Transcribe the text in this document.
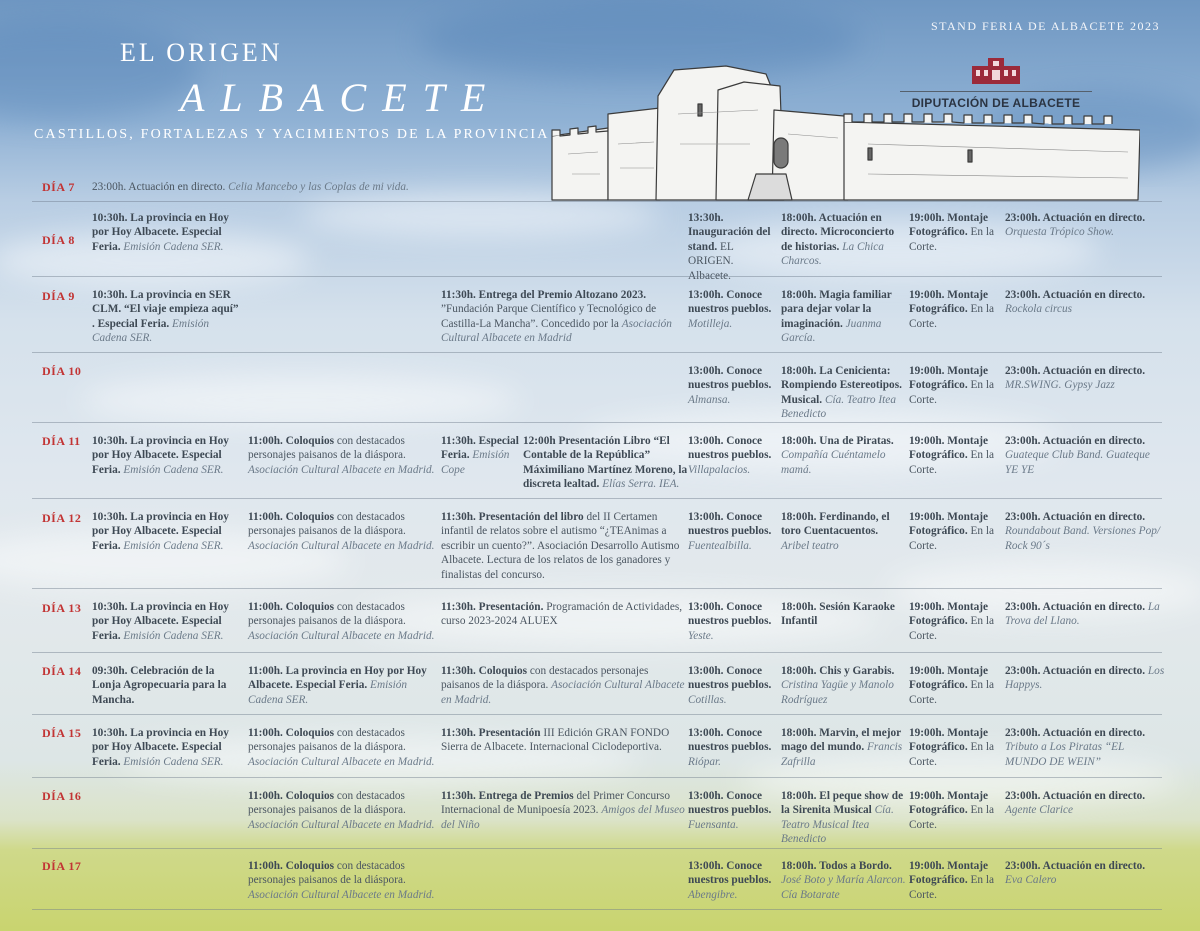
STAND FERIA DE ALBACETE 2023
EL ORIGEN
ALBACETE
CASTILLOS, FORTALEZAS Y YACIMIENTOS DE LA PROVINCIA
DIPUTACIÓN DE ALBACETE
DÍA 7 23:00h. Actuación en directo. Celia Mancebo y las Coplas de mi vida.
DÍA 8
10:30h. La provincia en Hoy por Hoy Albacete. Especial Feria. Emisión Cadena SER.
13:30h. Inauguración del stand. EL ORIGEN. Albacete.
18:00h. Actuación en directo. Microconcierto de historias. La Chica Charcos.
19:00h. Montaje Fotográfico. En la Corte.
23:00h. Actuación en directo. Orquesta Trópico Show.
DÍA 9 10:30h. La provincia en SER CLM. “El viaje empieza aquí” . Especial Feria. Emisión Cadena SER.
11:30h. Entrega del Premio Altozano 2023. ”Fundación Parque Científico y Tecnológico de Castilla-La Mancha”. Concedido por la Asociación Cultural Albacete en Madrid
13:00h. Conoce nuestros pueblos. Motilleja.
18:00h. Magia familiar para dejar volar la imaginación. Juanma García.
19:00h. Montaje Fotográfico. En la Corte.
23:00h. Actuación en directo. Rockola circus
DÍA 10	13:00h. Conoce nuestros pueblos. Almansa.
18:00h. La Cenicienta: Rompiendo Estereotipos. Musical. Cía. Teatro Itea Benedicto
19:00h. Montaje Fotográfico. En la Corte.
23:00h. Actuación en directo. MR.SWING. Gypsy Jazz
DÍA 11 10:30h. La provincia en Hoy por Hoy Albacete. Especial Feria. Emisión Cadena SER.
11:00h. Coloquios con destacados personajes paisanos de la diáspora. Asociación Cultural Albacete en Madrid.
11:30h. Especial Feria. Emisión Cope
12:00h Presentación Libro “El Contable de la República” Máximiliano Martínez Moreno, la discreta lealtad. Elías Serra. IEA.
13:00h. Conoce nuestros pueblos. Villapalacios.
18:00h. Una de Piratas. Compañía Cuéntamelo mamá.
19:00h. Montaje Fotográfico. En la Corte.
23:00h. Actuación en directo. Guateque Club Band. Guateque YE YE
DÍA 12 10:30h. La provincia en Hoy por Hoy Albacete. Especial Feria. Emisión Cadena SER.
11:00h. Coloquios con destacados personajes paisanos de la diáspora. Asociación Cultural Albacete en Madrid.
11:30h. Presentación del libro del II Certamen infantil de relatos sobre el autismo “¿TEAnimas a escribir un cuento?”. Asociación Desarrollo Autismo Albacete. Lectura de los relatos de los ganadores y finalistas del concurso.
13:00h. Conoce nuestros pueblos. Fuentealbilla.
18:00h. Ferdinando, el toro Cuentacuentos. Aribel teatro
19:00h. Montaje Fotográfico. En la Corte.
23:00h. Actuación en directo. Roundabout Band. Versiones Pop/ Rock 90´s
DÍA 13 10:30h. La provincia en Hoy por Hoy Albacete. Especial Feria. Emisión Cadena SER.
11:00h. Coloquios con destacados personajes paisanos de la diáspora. Asociación Cultural Albacete en Madrid.
11:30h. Presentación. Programación de Actividades, curso 2023-2024 ALUEX
13:00h. Conoce nuestros pueblos. Yeste.
18:00h. Sesión Karaoke Infantil
19:00h. Montaje Fotográfico. En la Corte.
23:00h. Actuación en directo. La Trova del Llano.
DÍA 14 09:30h. Celebración de la Lonja Agropecuaria para la Mancha.
11:00h. La provincia en Hoy por Hoy Albacete. Especial Feria. Emisión Cadena SER.
11:30h. Coloquios con destacados personajes paisanos de la diáspora. Asociación Cultural Albacete en Madrid.
13:00h. Conoce nuestros pueblos. Cotillas.
18:00h. Chis y Garabis. Cristina Yagüe y Manolo Rodríguez
19:00h. Montaje Fotográfico. En la Corte.
23:00h. Actuación en directo. Los Happys.
DÍA 15 10:30h. La provincia en Hoy por Hoy Albacete. Especial Feria. Emisión Cadena SER.
11:00h. Coloquios con destacados personajes paisanos de la diáspora. Asociación Cultural Albacete en Madrid.
11:30h. Presentación III Edición GRAN FONDO Sierra de Albacete. Internacional Ciclodeportiva.
13:00h. Conoce nuestros pueblos. Riópar.
18:00h. Marvin, el mejor mago del mundo. Francis Zafrilla
19:00h. Montaje Fotográfico. En la Corte.
23:00h. Actuación en directo. Tributo a Los Piratas “EL MUNDO DE WEIN”
DÍA 16	11:00h. Coloquios con destacados personajes paisanos de la diáspora. Asociación Cultural Albacete en Madrid.
11:30h. Entrega de Premios del Primer Concurso Internacional de Munipoesía 2023. Amigos del Museo del Niño
13:00h. Conoce nuestros pueblos. Fuensanta.
18:00h. El peque show de la Sirenita Musical Cía. Teatro Musical Itea Benedicto
19:00h. Montaje Fotográfico. En la Corte.
23:00h. Actuación en directo. Agente Clarice
DÍA 17	11:00h. Coloquios con destacados personajes paisanos de la diáspora. Asociación Cultural Albacete en Madrid.
13:00h. Conoce nuestros pueblos. Abengibre.
18:00h. Todos a Bordo. José Boto y María Alarcon. Cía Botarate
19:00h. Montaje Fotográfico. En la Corte.
23:00h. Actuación en directo. Eva Calero
